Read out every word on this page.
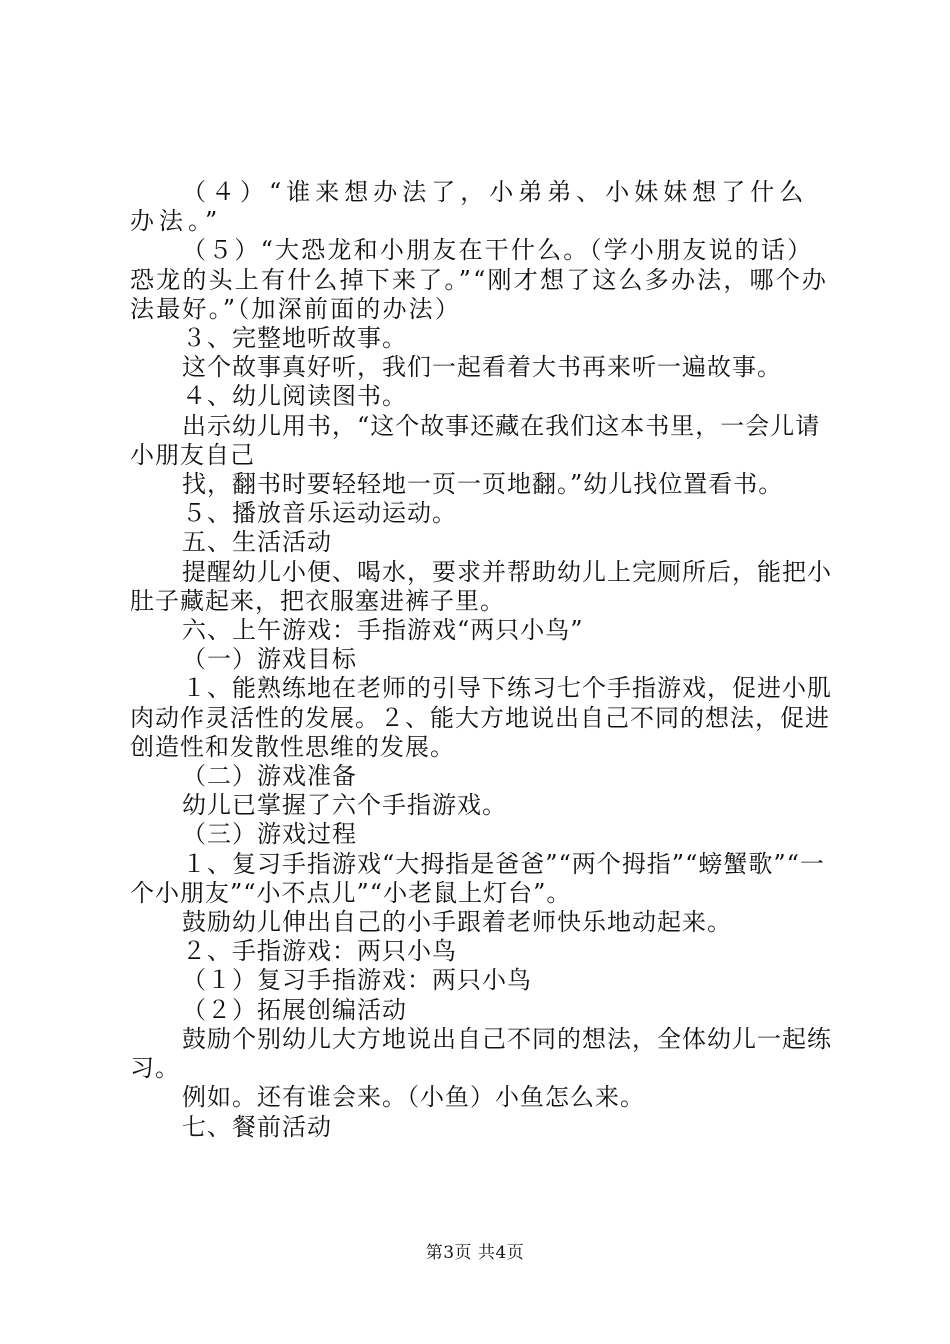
（４）“谁来想办法了，小弟弟、小妹妹想了什么办法。”

（５）“大恐龙和小朋友在干什么。（学小朋友说的话）恐龙的头上有什么掉下来了。”“刚才想了这么多办法，哪个办法最好。”（加深前面的办法）

３、完整地听故事。

这个故事真好听，我们一起看着大书再来听一遍故事。

４、幼儿阅读图书。

出示幼儿用书，“这个故事还藏在我们这本书里，一会儿请小朋友自己

找，翻书时要轻轻地一页一页地翻。”幼儿找位置看书。

５、播放音乐运动运动。

五、生活活动

提醒幼儿小便、喝水，要求并帮助幼儿上完厕所后，能把小肚子藏起来，把衣服塞进裤子里。

六、上午游戏：手指游戏“两只小鸟”

（一）游戏目标

１、能熟练地在老师的引导下练习七个手指游戏，促进小肌肉动作灵活性的发展。２、能大方地说出自己不同的想法，促进创造性和发散性思维的发展。

（二）游戏准备

幼儿已掌握了六个手指游戏。

（三）游戏过程

１、复习手指游戏“大拇指是爸爸”“两个拇指”“螃蟹歌”“一个小朋友”“小不点儿”“小老鼠上灯台”。

鼓励幼儿伸出自己的小手跟着老师快乐地动起来。

２、手指游戏：两只小鸟

（１）复习手指游戏：两只小鸟

（２）拓展创编活动

鼓励个别幼儿大方地说出自己不同的想法，全体幼儿一起练习。

例如。还有谁会来。（小鱼）小鱼怎么来。

七、餐前活动

第3页 共4页
